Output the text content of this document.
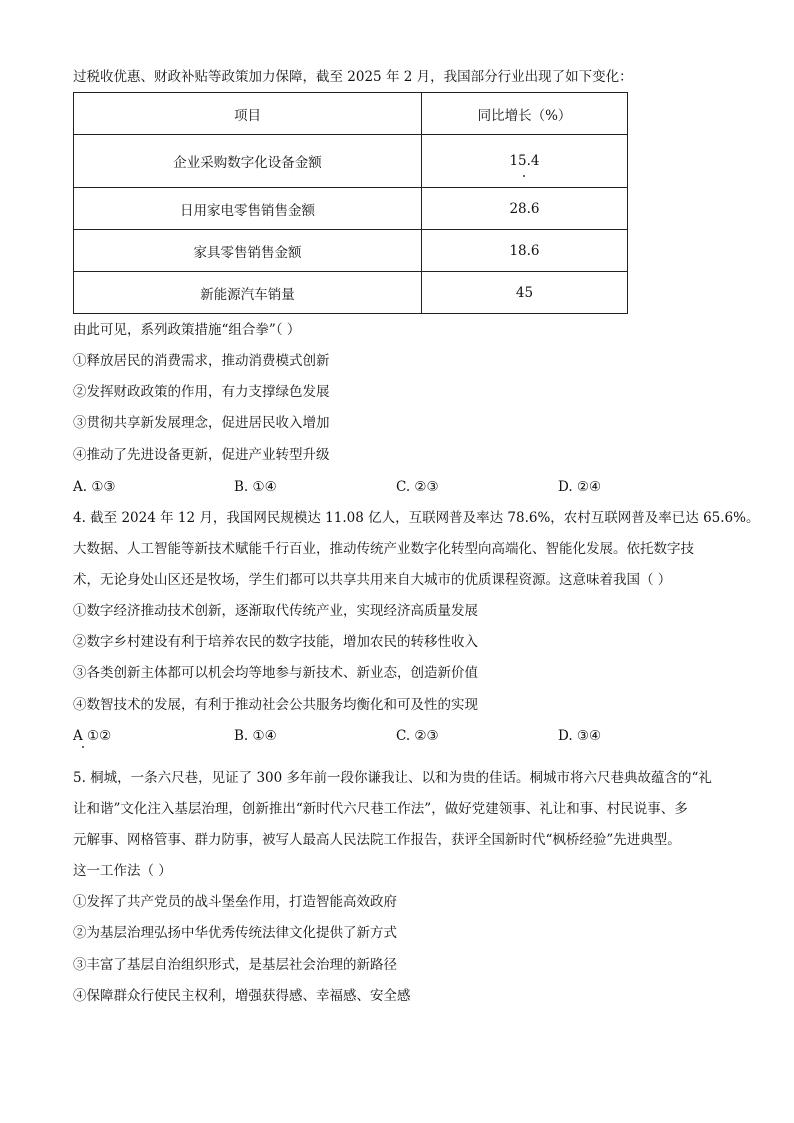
过税收优惠、财政补贴等政策加力保障，截至 2025 年 2 月，我国部分行业出现了如下变化：
项目	同比增长（%）
企业采购数字化设备金额	15.4
日用家电零售销售金额	28.6
家具零售销售金额	18.6
新能源汽车销量	45
由此可见，系列政策措施“组合拳”（ ）
①释放居民的消费需求，推动消费模式创新
②发挥财政政策的作用，有力支撑绿色发展
③贯彻共享新发展理念，促进居民收入增加
④推动了先进设备更新，促进产业转型升级
A. ①③	B. ①④	C. ②③	D. ②④
4. 截至 2024 年 12 月，我国网民规模达 11.08 亿人，互联网普及率达 78.6%，农村互联网普及率已达 65.6%。
大数据、人工智能等新技术赋能千行百业，推动传统产业数字化转型向高端化、智能化发展。依托数字技
术，无论身处山区还是牧场，学生们都可以共享共用来自大城市的优质课程资源。这意味着我国（ ）
①数字经济推动技术创新，逐渐取代传统产业，实现经济高质量发展
②数字乡村建设有利于培养农民的数字技能，增加农民的转移性收入
③各类创新主体都可以机会均等地参与新技术、新业态，创造新价值
④数智技术的发展，有利于推动社会公共服务均衡化和可及性的实现
A ①②	B. ①④	C. ②③	D. ③④
5. 桐城，一条六尺巷，见证了 300 多年前一段你谦我让、以和为贵的佳话。桐城市将六尺巷典故蕴含的“礼
让和谐”文化注入基层治理，创新推出“新时代六尺巷工作法”，做好党建领事、礼让和事、村民说事、多
元解事、网格管事、群力防事，被写人最高人民法院工作报告，获评全国新时代“枫桥经验”先进典型。
这一工作法（ ）
①发挥了共产党员的战斗堡垒作用，打造智能高效政府
②为基层治理弘扬中华优秀传统法律文化提供了新方式
③丰富了基层自治组织形式，是基层社会治理的新路径
④保障群众行使民主权利，增强获得感、幸福感、安全感
